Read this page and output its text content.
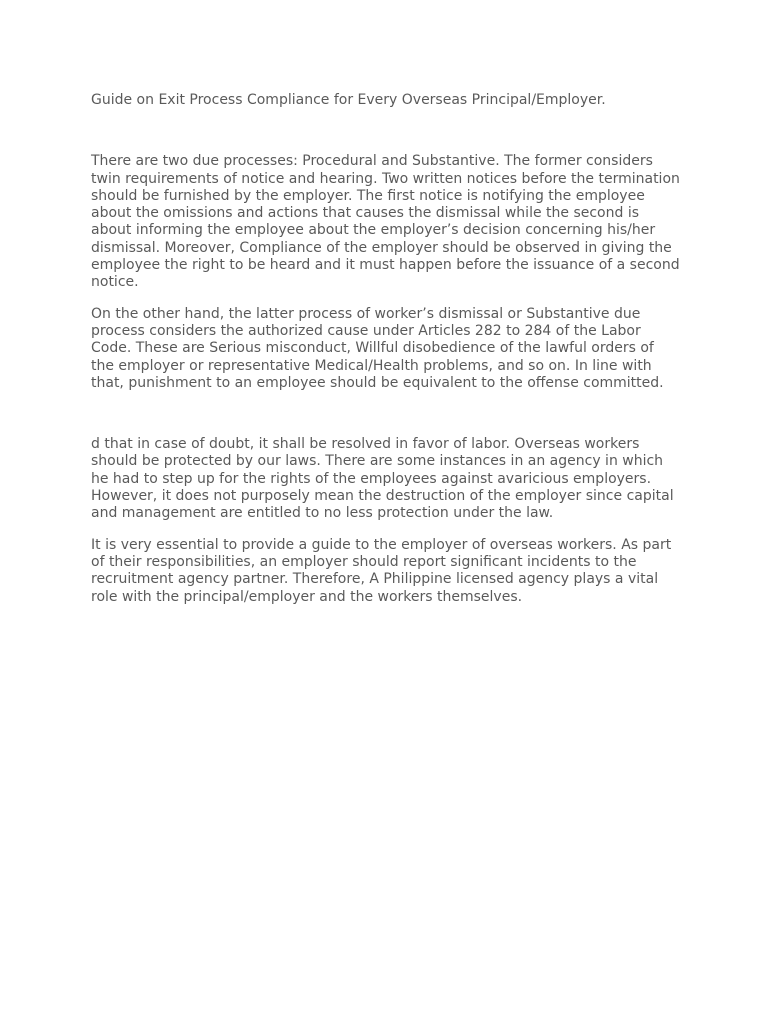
Guide on Exit Process Compliance for Every Overseas Principal/Employer.

There are two due processes: Procedural and Substantive. The former considers twin requirements of notice and hearing. Two written notices before the termination should be furnished by the employer. The first notice is notifying the employee about the omissions and actions that causes the dismissal while the second is about informing the employee about the employer’s decision concerning his/her dismissal. Moreover, Compliance of the employer should be observed in giving the employee the right to be heard and it must happen before the issuance of a second notice.

On the other hand, the latter process of worker’s dismissal or Substantive due process considers the authorized cause under Articles 282 to 284 of the Labor Code. These are Serious misconduct, Willful disobedience of the lawful orders of the employer or representative Medical/Health problems, and so on. In line with that, punishment to an employee should be equivalent to the offense committed.

d that in case of doubt, it shall be resolved in favor of labor. Overseas workers should be protected by our laws. There are some instances in an agency in which he had to step up for the rights of the employees against avaricious employers. However, it does not purposely mean the destruction of the employer since capital and management are entitled to no less protection under the law.

It is very essential to provide a guide to the employer of overseas workers. As part of their responsibilities, an employer should report significant incidents to the recruitment agency partner. Therefore, A Philippine licensed agency plays a vital role with the principal/employer and the workers themselves.
